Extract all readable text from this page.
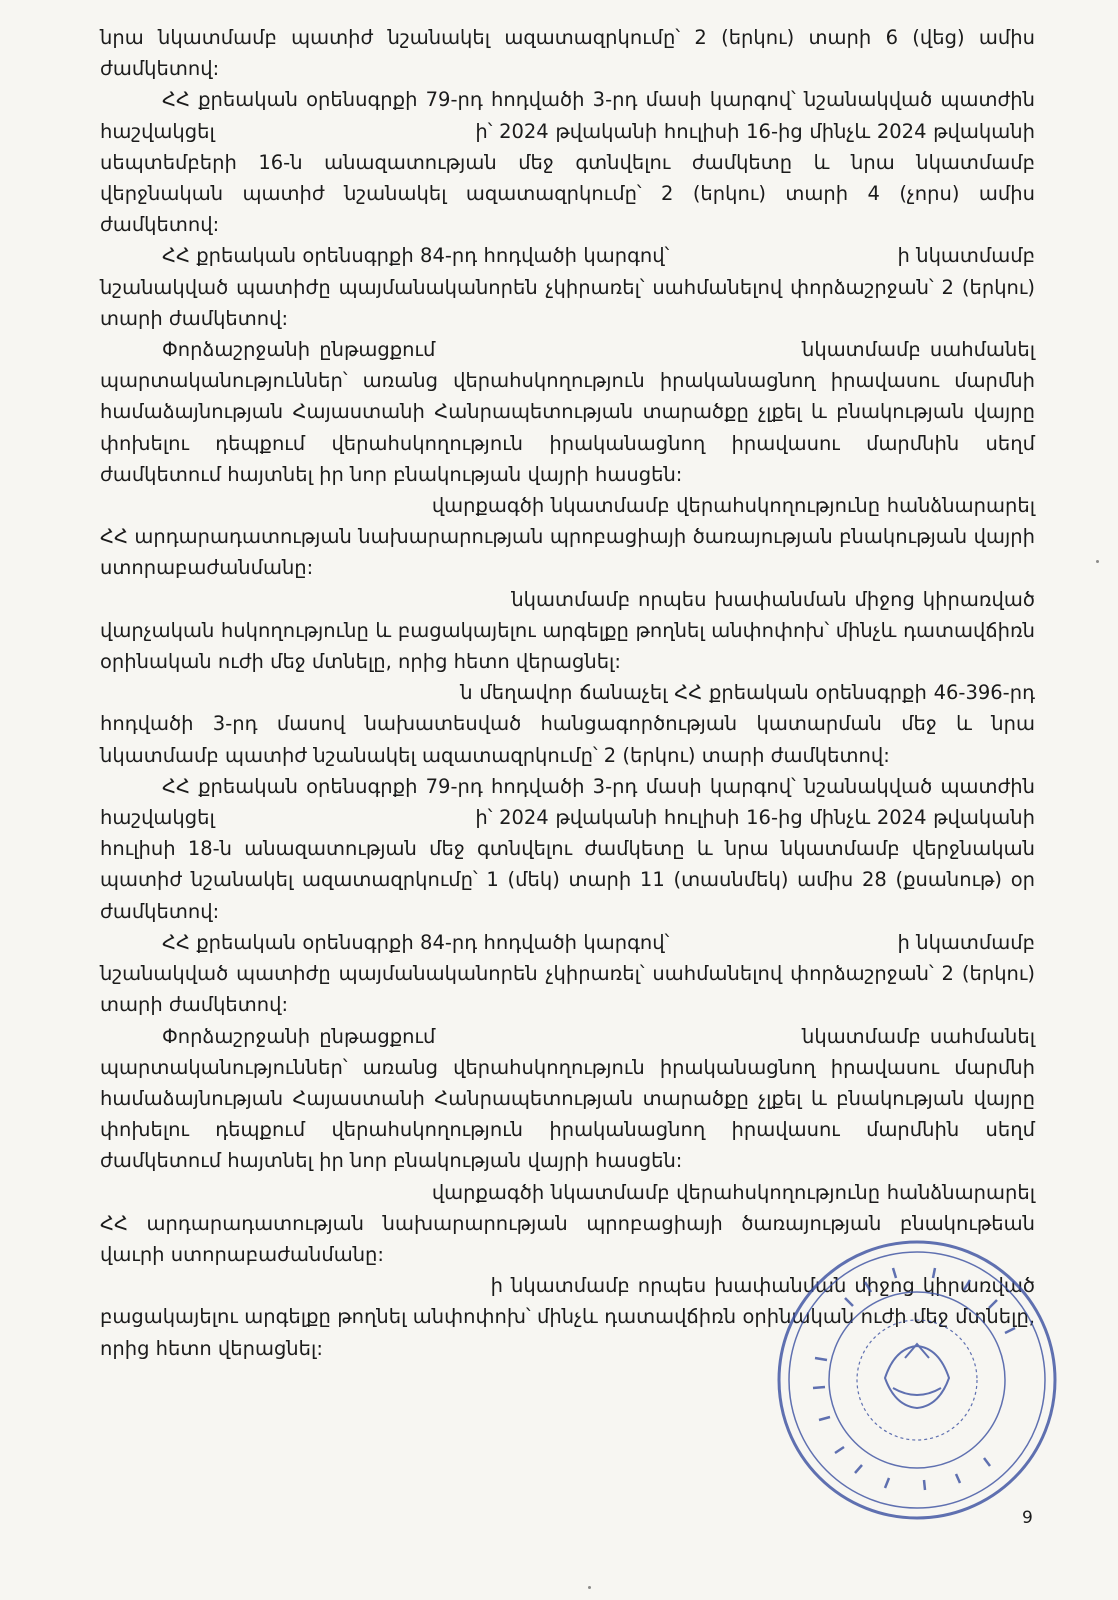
նրա նկատմամբ պատիժ նշանակել ազատազրկումը՝ 2 (երկու) տարի 6 (վեց) ամիս ժամկետով:

ՀՀ քրեական օրենսգրքի 79-րդ հոդվածի 3-րդ մասի կարգով՝ նշանակված պատժին հաշվակցել                                       ի՝ 2024 թվականի հուլիսի 16-ից մինչև 2024 թվականի սեպտեմբերի 16-ն անազատության մեջ գտնվելու ժամկետը և նրա նկատմամբ վերջնական պատիժ նշանակել ազատազրկումը՝ 2 (երկու) տարի 4 (չորս) ամիս ժամկետով:

ՀՀ քրեական օրենսգրքի 84-րդ հոդվածի կարգով՝                                    ի նկատմամբ նշանակված պատիժը պայմանականորեն չկիրառել՝ սահմանելով փորձաշրջան՝ 2 (երկու) տարի ժամկետով:

Փորձաշրջանի ընթացքում                                        նկատմամբ սահմանել պարտականություններ՝ առանց վերահսկողություն իրականացնող իրավասու մարմնի համաձայնության Հայաստանի Հանրապետության տարածքը չլքել և բնակության վայրը փոխելու դեպքում վերահսկողություն իրականացնող իրավասու մարմնին սեղմ ժամկետում հայտնել իր նոր բնակության վայրի հասցեն:

վարքագծի նկատմամբ վերահսկողությունը հանձնարարել ՀՀ արդարադատության նախարարության պրոբացիայի ծառայության բնակության վայրի ստորաբաժանմանը:

նկատմամբ որպես խափանման միջոց կիրառված վարչական հսկողությունը և բացակայելու արգելքը թողնել անփոփոխ՝ մինչև դատավճիռն օրինական ուժի մեջ մտնելը, որից հետո վերացնել:

ն մեղավոր ճանաչել ՀՀ քրեական օրենսգրքի 46-396-րդ հոդվածի 3-րդ մասով նախատեսված հանցագործության կատարման մեջ և նրա նկատմամբ պատիժ նշանակել ազատազրկումը՝ 2 (երկու) տարի ժամկետով:

ՀՀ քրեական օրենսգրքի 79-րդ հոդվածի 3-րդ մասի կարգով՝ նշանակված պատժին հաշվակցել                                       ի՝ 2024 թվականի հուլիսի 16-ից մինչև 2024 թվականի հուլիսի 18-ն անազատության մեջ գտնվելու ժամկետը և նրա նկատմամբ վերջնական պատիժ նշանակել ազատազրկումը՝ 1 (մեկ) տարի 11 (տասնմեկ) ամիս 28 (քսանութ) օր ժամկետով:

ՀՀ քրեական օրենսգրքի 84-րդ հոդվածի կարգով՝                                    ի նկատմամբ նշանակված պատիժը պայմանականորեն չկիրառել՝ սահմանելով փորձաշրջան՝ 2 (երկու) տարի ժամկետով:

Փորձաշրջանի ընթացքում                                        նկատմամբ սահմանել պարտականություններ՝ առանց վերահսկողություն իրականացնող իրավասու մարմնի համաձայնության Հայաստանի Հանրապետության տարածքը չլքել և բնակության վայրը փոխելու դեպքում վերահսկողություն իրականացնող իրավասու մարմնին սեղմ ժամկետում հայտնել իր նոր բնակության վայրի հասցեն:

վարքագծի նկատմամբ վերահսկողությունը հանձնարարել ՀՀ արդարադատության նախարարության պրոբացիայի ծառայության բնակութեան վաւրի ստորաբաժանմանը:

ի նկատմամբ որպես խափանման միջոց կիրառված բացակայելու արգելքը թողնել անփոփոխ՝ մինչև դատավճիռն օրինական ուժի մեջ մտնելը, որից հետո վերացնել:

9
